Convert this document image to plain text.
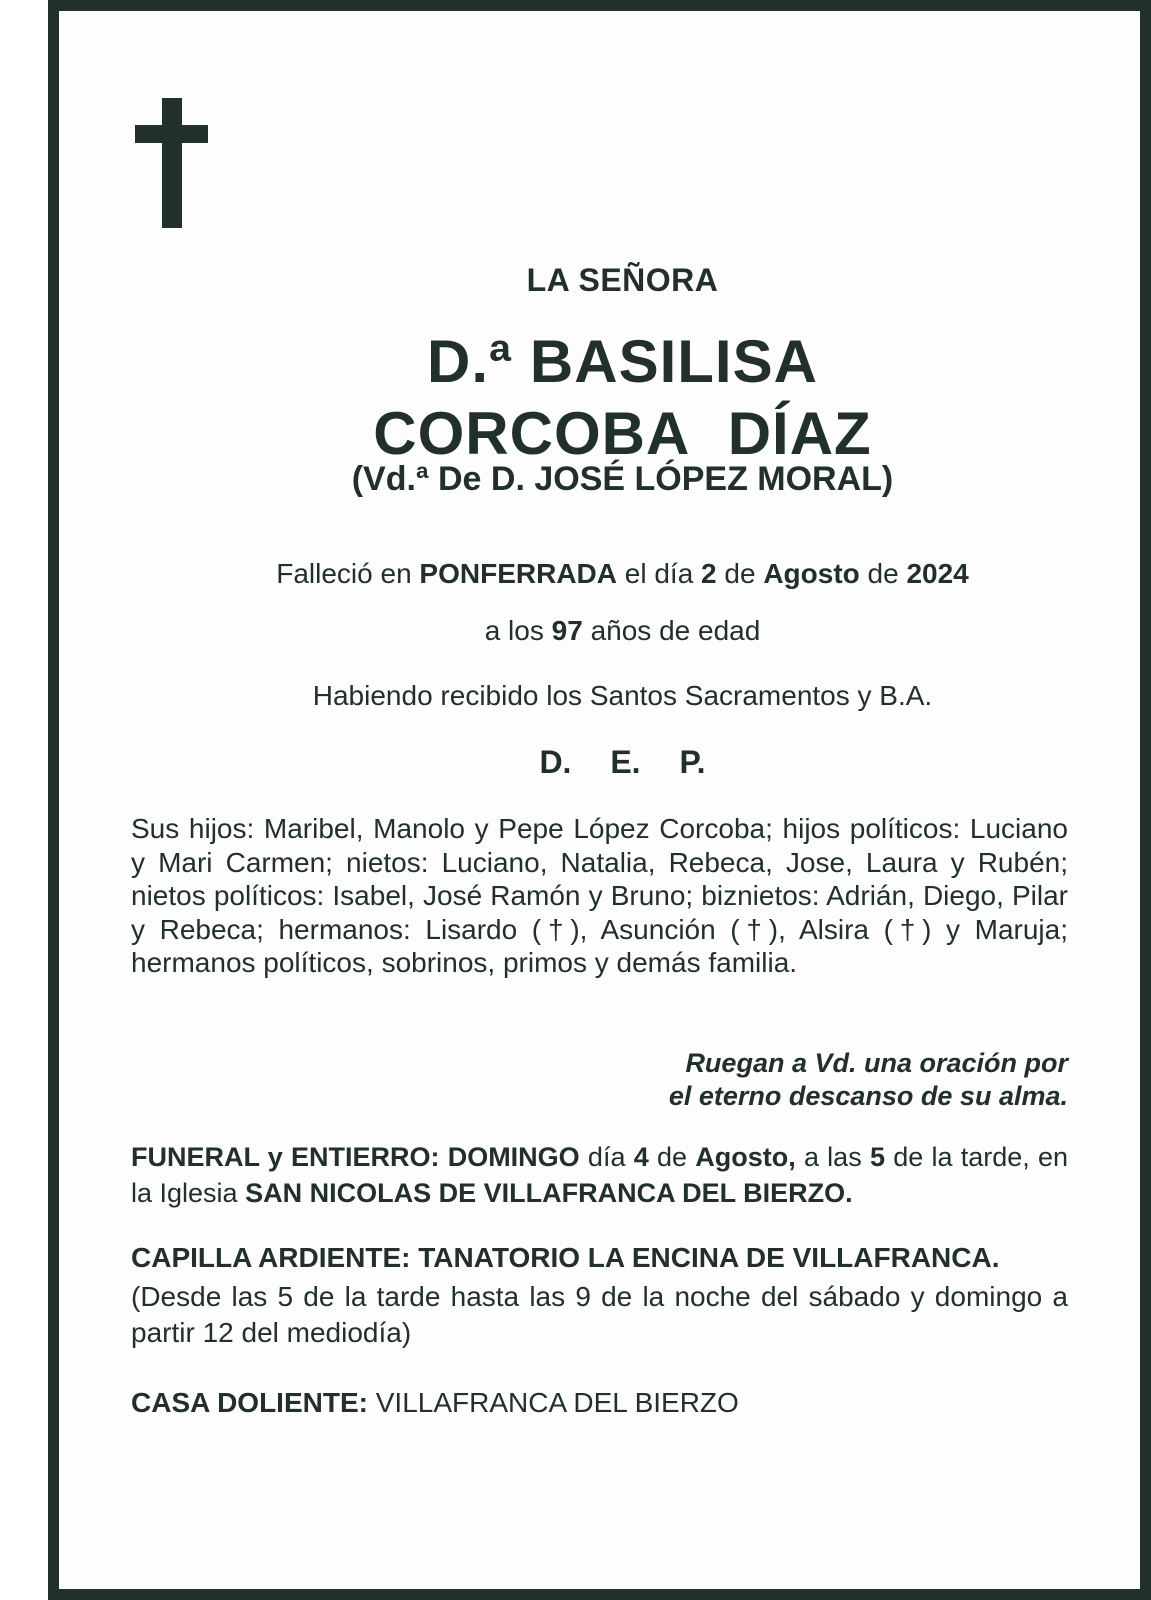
LA SEÑORA
D.ª BASILISA
CORCOBA DÍAZ
(Vd.ª De D. JOSÉ LÓPEZ MORAL)
Falleció en PONFERRADA el día 2 de Agosto de 2024
a los 97 años de edad
Habiendo recibido los Santos Sacramentos y B.A.
D. E. P.
Sus hijos: Maribel, Manolo y Pepe López Corcoba; hijos políticos: Luciano y Mari Carmen; nietos: Luciano, Natalia, Rebeca, Jose, Laura y Rubén; nietos políticos: Isabel, José Ramón y Bruno; biznietos: Adrián, Diego, Pilar y Rebeca; hermanos: Lisardo (†), Asunción (†), Alsira (†) y Maruja; hermanos políticos, sobrinos, primos y demás familia.
Ruegan a Vd. una oración por
el eterno descanso de su alma.
FUNERAL y ENTIERRO: DOMINGO día 4 de Agosto, a las 5 de la tarde, en la Iglesia SAN NICOLAS DE VILLAFRANCA DEL BIERZO.
CAPILLA ARDIENTE: TANATORIO LA ENCINA DE VILLAFRANCA.
(Desde las 5 de la tarde hasta las 9 de la noche del sábado y domingo a partir 12 del mediodía)
CASA DOLIENTE: VILLAFRANCA DEL BIERZO
